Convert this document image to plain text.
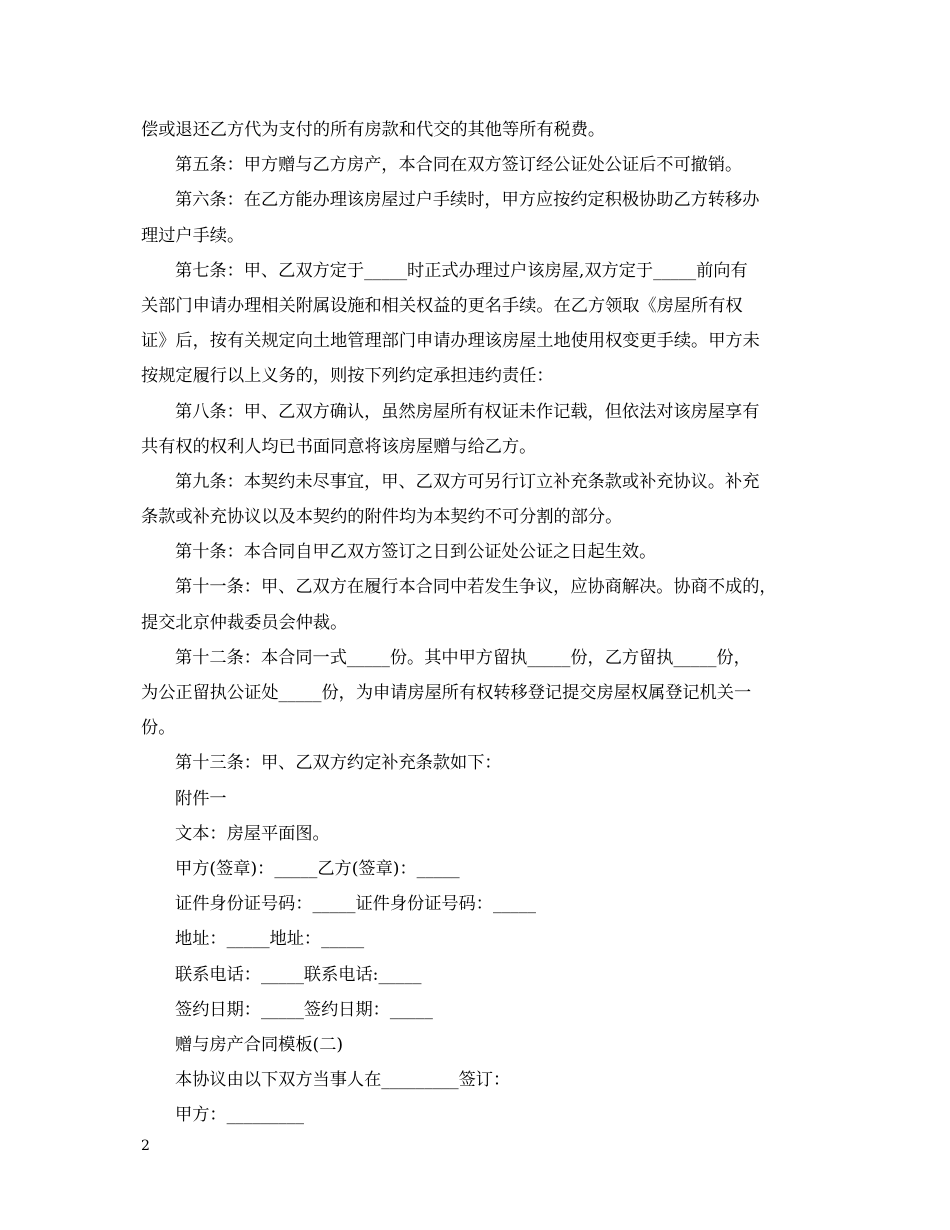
偿或退还乙方代为支付的所有房款和代交的其他等所有税费。
第五条：甲方赠与乙方房产，本合同在双方签订经公证处公证后不可撤销。
第六条：在乙方能办理该房屋过户手续时，甲方应按约定积极协助乙方转移办
理过户手续。
第七条：甲、乙双方定于_____时正式办理过户该房屋,双方定于_____前向有
关部门申请办理相关附属设施和相关权益的更名手续。在乙方领取《房屋所有权
证》后，按有关规定向土地管理部门申请办理该房屋土地使用权变更手续。甲方未
按规定履行以上义务的，则按下列约定承担违约责任：
第八条：甲、乙双方确认，虽然房屋所有权证未作记载，但依法对该房屋享有
共有权的权利人均已书面同意将该房屋赠与给乙方。
第九条：本契约未尽事宜，甲、乙双方可另行订立补充条款或补充协议。补充
条款或补充协议以及本契约的附件均为本契约不可分割的部分。
第十条：本合同自甲乙双方签订之日到公证处公证之日起生效。
第十一条：甲、乙双方在履行本合同中若发生争议，应协商解决。协商不成的，
提交北京仲裁委员会仲裁。
第十二条：本合同一式_____份。其中甲方留执_____份，乙方留执_____份，
为公正留执公证处_____份，为申请房屋所有权转移登记提交房屋权属登记机关一
份。
第十三条：甲、乙双方约定补充条款如下：
附件一
文本：房屋平面图。
甲方(签章)：_____乙方(签章)：_____
证件身份证号码：_____证件身份证号码：_____
地址：_____地址：_____
联系电话：_____联系电话:_____
签约日期：_____签约日期：_____
赠与房产合同模板(二)
本协议由以下双方当事人在_________签订：
甲方：_________
2
